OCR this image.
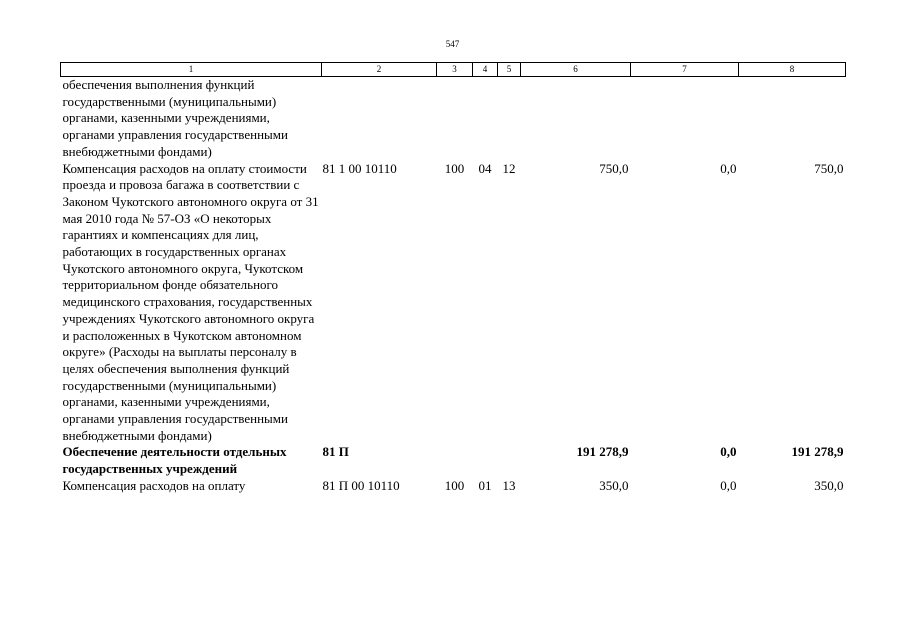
547
1	2	3	4	5	6	7	8
обеспечения выполнения функций государственными (муниципальными) органами, казенными учреждениями, органами управления государственными внебюджетными фондами)							
Компенсация расходов на оплату стоимости проезда и провоза багажа в соответствии с Законом Чукотского автономного округа от 31 мая 2010 года № 57-ОЗ «О некоторых гарантиях и компенсациях для лиц, работающих в государственных органах Чукотского автономного округа, Чукотском территориальном фонде обязательного медицинского страхования, государственных учреждениях Чукотского автономного округа и расположенных в Чукотском автономном округе» (Расходы на выплаты персоналу в целях обеспечения выполнения функций государственными (муниципальными) органами, казенными учреждениями, органами управления государственными внебюджетными фондами)	81 1 00 10110	100	04	12	750,0	0,0	750,0
Обеспечение деятельности отдельных государственных учреждений	81 П				191 278,9	0,0	191 278,9
Компенсация расходов на оплату	81 П 00 10110	100	01	13	350,0	0,0	350,0
